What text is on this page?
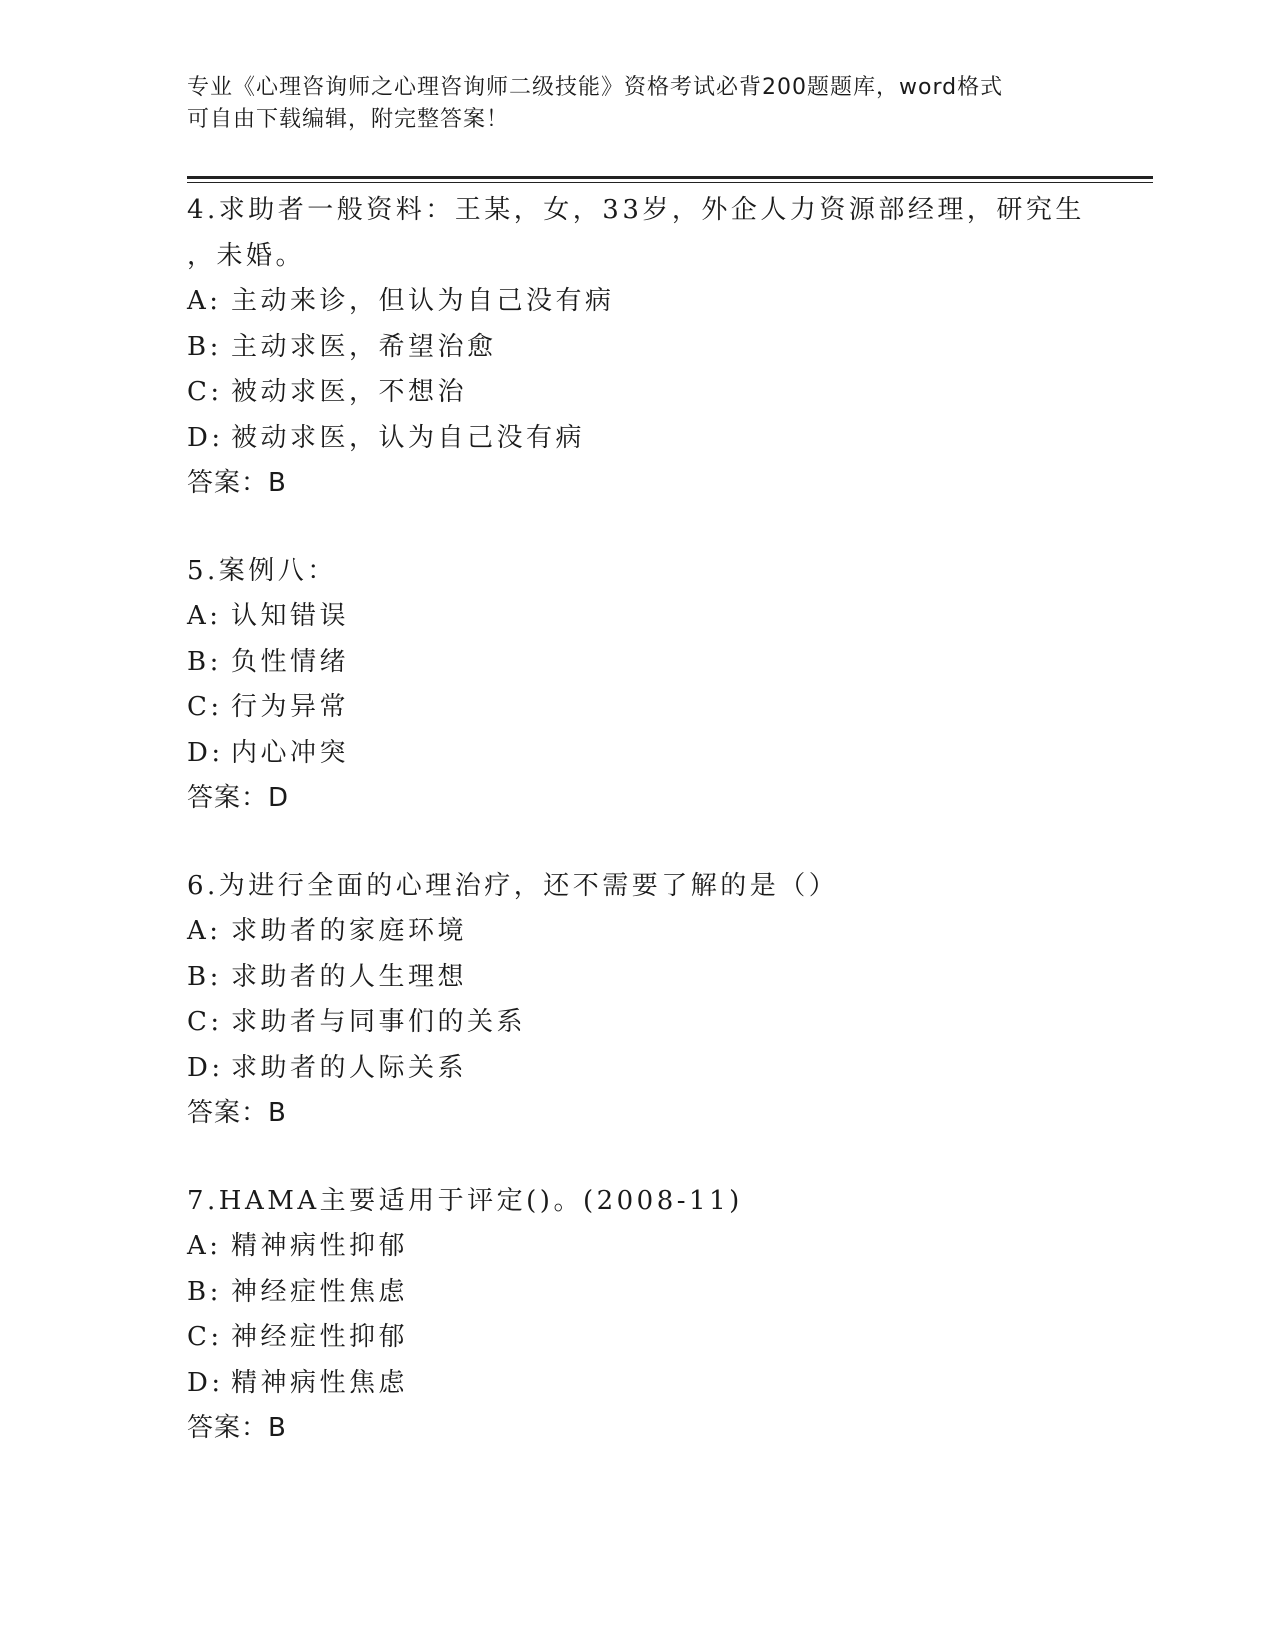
专业《心理咨询师之心理咨询师二级技能》资格考试必背200题题库，word格式
可自由下载编辑，附完整答案！
4.求助者一般资料：王某，女，33岁，外企人力资源部经理，研究生
，未婚。
A: 主动来诊，但认为自己没有病
B: 主动求医，希望治愈
C: 被动求医，不想治
D: 被动求医，认为自己没有病
答案：B
5.案例八：
A: 认知错误
B: 负性情绪
C: 行为异常
D: 内心冲突
答案：D
6.为进行全面的心理治疗，还不需要了解的是（）
A: 求助者的家庭环境
B: 求助者的人生理想
C: 求助者与同事们的关系
D: 求助者的人际关系
答案：B
7.HAMA主要适用于评定()。(2008-11)
A: 精神病性抑郁
B: 神经症性焦虑
C: 神经症性抑郁
D: 精神病性焦虑
答案：B
